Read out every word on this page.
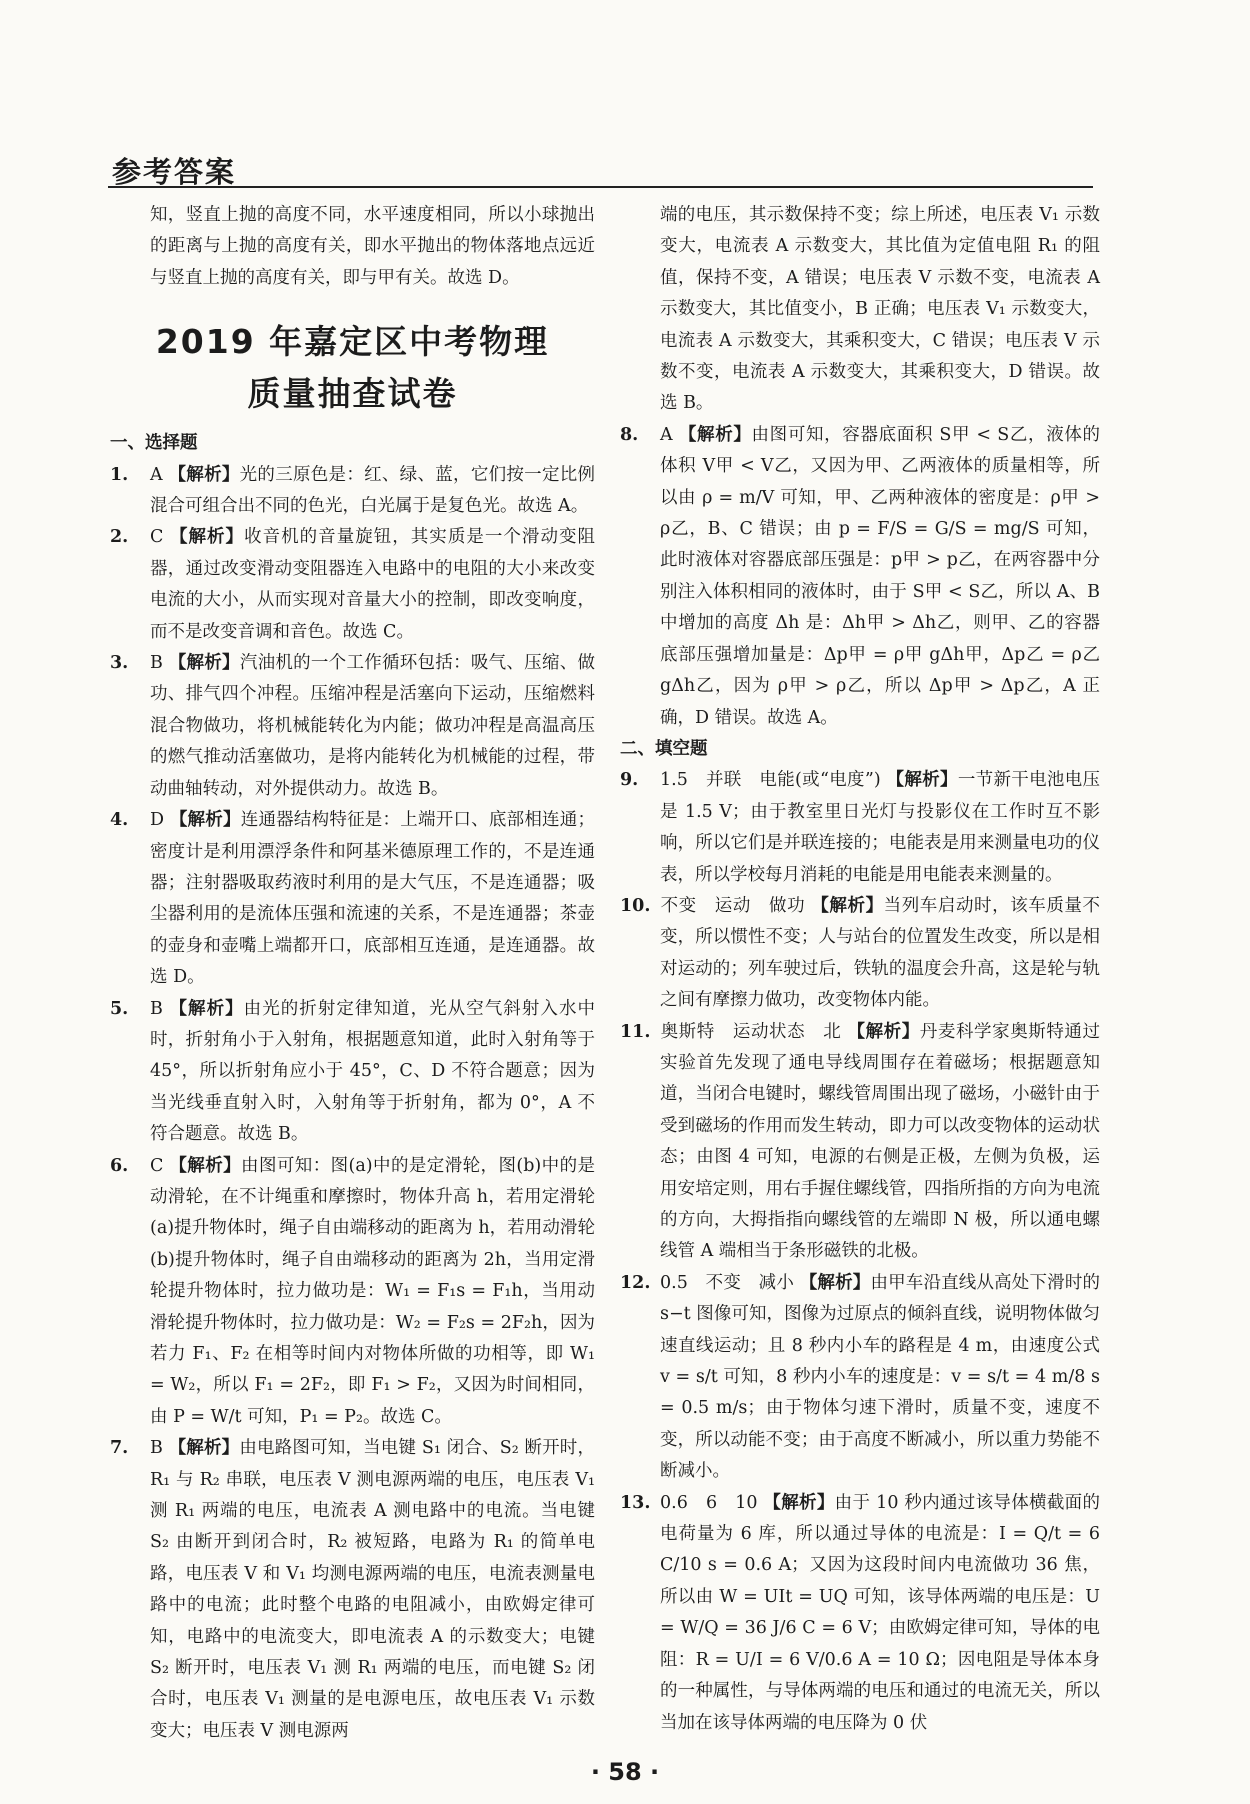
参考答案

知，竖直上抛的高度不同，水平速度相同，所以小球抛出的距离与上抛的高度有关，即水平抛出的物体落地点远近与竖直上抛的高度有关，即与甲有关。故选 D。

2019 年嘉定区中考物理
质量抽查试卷

一、选择题

1. A 【解析】光的三原色是：红、绿、蓝，它们按一定比例混合可组合出不同的色光，白光属于是复色光。故选 A。

2. C 【解析】收音机的音量旋钮，其实质是一个滑动变阻器，通过改变滑动变阻器连入电路中的电阻的大小来改变电流的大小，从而实现对音量大小的控制，即改变响度，而不是改变音调和音色。故选 C。

3. B 【解析】汽油机的一个工作循环包括：吸气、压缩、做功、排气四个冲程。压缩冲程是活塞向下运动，压缩燃料混合物做功，将机械能转化为内能；做功冲程是高温高压的燃气推动活塞做功，是将内能转化为机械能的过程，带动曲轴转动，对外提供动力。故选 B。

4. D 【解析】连通器结构特征是：上端开口、底部相连通；密度计是利用漂浮条件和阿基米德原理工作的，不是连通器；注射器吸取药液时利用的是大气压，不是连通器；吸尘器利用的是流体压强和流速的关系，不是连通器；茶壶的壶身和壶嘴上端都开口，底部相互连通，是连通器。故选 D。

5. B 【解析】由光的折射定律知道，光从空气斜射入水中时，折射角小于入射角，根据题意知道，此时入射角等于 45°，所以折射角应小于 45°，C、D 不符合题意；因为当光线垂直射入时，入射角等于折射角，都为 0°，A 不符合题意。故选 B。

6. C 【解析】由图可知：图(a)中的是定滑轮，图(b)中的是动滑轮，在不计绳重和摩擦时，物体升高 h，若用定滑轮(a)提升物体时，绳子自由端移动的距离为 h，若用动滑轮(b)提升物体时，绳子自由端移动的距离为 2h，当用定滑轮提升物体时，拉力做功是：W₁ = F₁s = F₁h，当用动滑轮提升物体时，拉力做功是：W₂ = F₂s = 2F₂h，因为若力 F₁、F₂ 在相等时间内对物体所做的功相等，即 W₁ = W₂，所以 F₁ = 2F₂，即 F₁ > F₂，又因为时间相同，由 P = W/t 可知，P₁ = P₂。故选 C。

7. B 【解析】由电路图可知，当电键 S₁ 闭合、S₂ 断开时，R₁ 与 R₂ 串联，电压表 V 测电源两端的电压，电压表 V₁ 测 R₁ 两端的电压，电流表 A 测电路中的电流。当电键 S₂ 由断开到闭合时，R₂ 被短路，电路为 R₁ 的简单电路，电压表 V 和 V₁ 均测电源两端的电压，电流表测量电路中的电流；此时整个电路的电阻减小，由欧姆定律可知，电路中的电流变大，即电流表 A 的示数变大；电键 S₂ 断开时，电压表 V₁ 测 R₁ 两端的电压，而电键 S₂ 闭合时，电压表 V₁ 测量的是电源电压，故电压表 V₁ 示数变大；电压表 V 测电源两

端的电压，其示数保持不变；综上所述，电压表 V₁ 示数变大，电流表 A 示数变大，其比值为定值电阻 R₁ 的阻值，保持不变，A 错误；电压表 V 示数不变，电流表 A 示数变大，其比值变小，B 正确；电压表 V₁ 示数变大，电流表 A 示数变大，其乘积变大，C 错误；电压表 V 示数不变，电流表 A 示数变大，其乘积变大，D 错误。故选 B。

8. A 【解析】由图可知，容器底面积 S甲 < S乙，液体的体积 V甲 < V乙，又因为甲、乙两液体的质量相等，所以由 ρ = m/V 可知，甲、乙两种液体的密度是：ρ甲 > ρ乙，B、C 错误；由 p = F/S = G/S = mg/S 可知，此时液体对容器底部压强是：p甲 > p乙，在两容器中分别注入体积相同的液体时，由于 S甲 < S乙，所以 A、B 中增加的高度 Δh 是：Δh甲 > Δh乙，则甲、乙的容器底部压强增加量是：Δp甲 = ρ甲 gΔh甲，Δp乙 = ρ乙 gΔh乙，因为 ρ甲 > ρ乙，所以 Δp甲 > Δp乙，A 正确，D 错误。故选 A。

二、填空题

9. 1.5　并联　电能(或“电度”) 【解析】一节新干电池电压是 1.5 V；由于教室里日光灯与投影仪在工作时互不影响，所以它们是并联连接的；电能表是用来测量电功的仪表，所以学校每月消耗的电能是用电能表来测量的。

10. 不变　运动　做功 【解析】当列车启动时，该车质量不变，所以惯性不变；人与站台的位置发生改变，所以是相对运动的；列车驶过后，铁轨的温度会升高，这是轮与轨之间有摩擦力做功，改变物体内能。

11. 奥斯特　运动状态　北 【解析】丹麦科学家奥斯特通过实验首先发现了通电导线周围存在着磁场；根据题意知道，当闭合电键时，螺线管周围出现了磁场，小磁针由于受到磁场的作用而发生转动，即力可以改变物体的运动状态；由图 4 可知，电源的右侧是正极，左侧为负极，运用安培定则，用右手握住螺线管，四指所指的方向为电流的方向，大拇指指向螺线管的左端即 N 极，所以通电螺线管 A 端相当于条形磁铁的北极。

12. 0.5　不变　减小 【解析】由甲车沿直线从高处下滑时的 s−t 图像可知，图像为过原点的倾斜直线，说明物体做匀速直线运动；且 8 秒内小车的路程是 4 m，由速度公式 v = s/t 可知，8 秒内小车的速度是：v = s/t = 4 m/8 s = 0.5 m/s；由于物体匀速下滑时，质量不变，速度不变，所以动能不变；由于高度不断减小，所以重力势能不断减小。

13. 0.6　6　10 【解析】由于 10 秒内通过该导体横截面的电荷量为 6 库，所以通过导体的电流是：I = Q/t = 6 C/10 s = 0.6 A；又因为这段时间内电流做功 36 焦，所以由 W = UIt = UQ 可知，该导体两端的电压是：U = W/Q = 36 J/6 C = 6 V；由欧姆定律可知，导体的电阻：R = U/I = 6 V/0.6 A = 10 Ω；因电阻是导体本身的一种属性，与导体两端的电压和通过的电流无关，所以当加在该导体两端的电压降为 0 伏

· 58 ·
